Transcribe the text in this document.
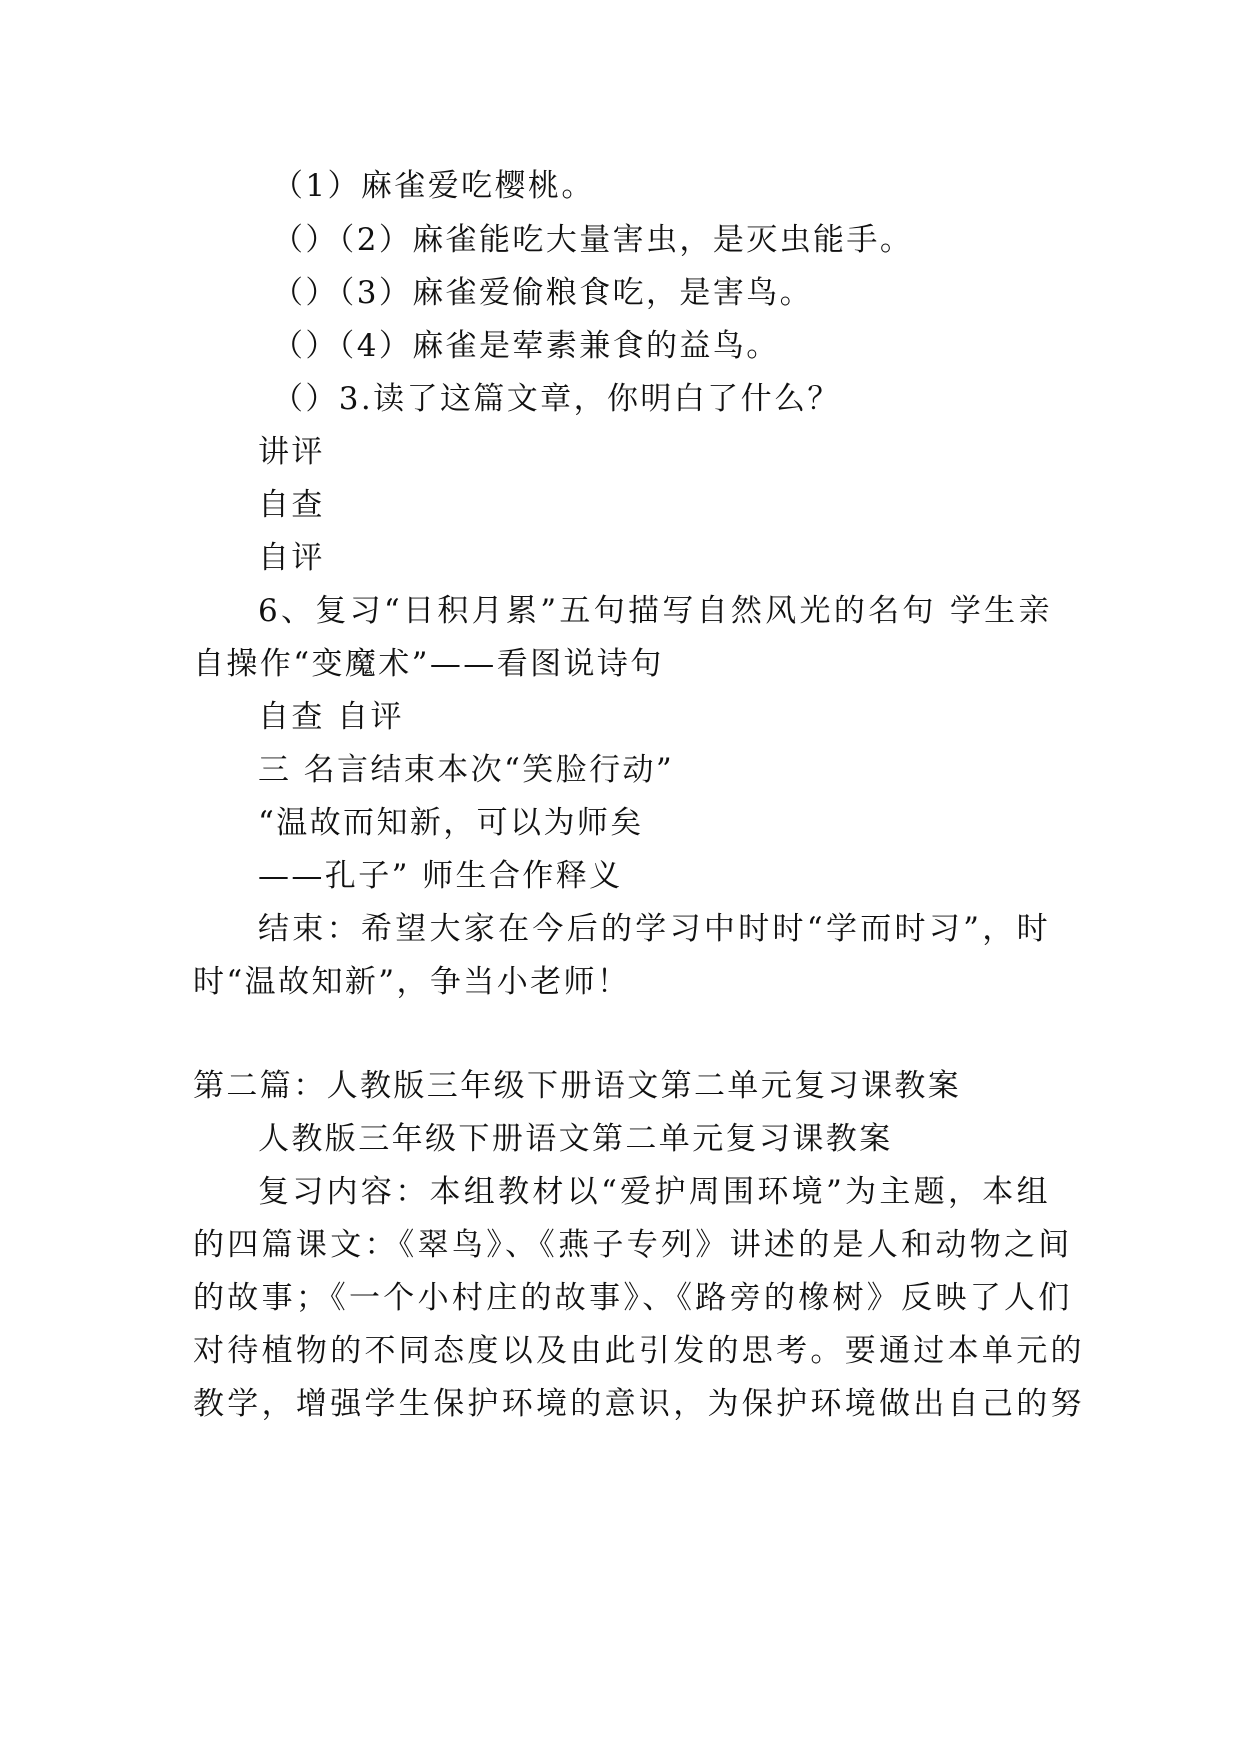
（1）麻雀爱吃樱桃。
（）（2）麻雀能吃大量害虫，是灭虫能手。
（）（3）麻雀爱偷粮食吃，是害鸟。
（）（4）麻雀是荤素兼食的益鸟。
（）3.读了这篇文章，你明白了什么？
讲评
自查
自评
6、复习“日积月累”五句描写自然风光的名句 学生亲
自操作“变魔术”——看图说诗句
自查 自评
三 名言结束本次“笑脸行动”
“温故而知新，可以为师矣
——孔子” 师生合作释义
结束：希望大家在今后的学习中时时“学而时习”，时
时“温故知新”，争当小老师！
第二篇：人教版三年级下册语文第二单元复习课教案
人教版三年级下册语文第二单元复习课教案
复习内容：本组教材以“爱护周围环境”为主题，本组
的四篇课文：《翠鸟》、《燕子专列》讲述的是人和动物之间
的故事；《一个小村庄的故事》、《路旁的橡树》反映了人们
对待植物的不同态度以及由此引发的思考。要通过本单元的
教学，增强学生保护环境的意识，为保护环境做出自己的努
